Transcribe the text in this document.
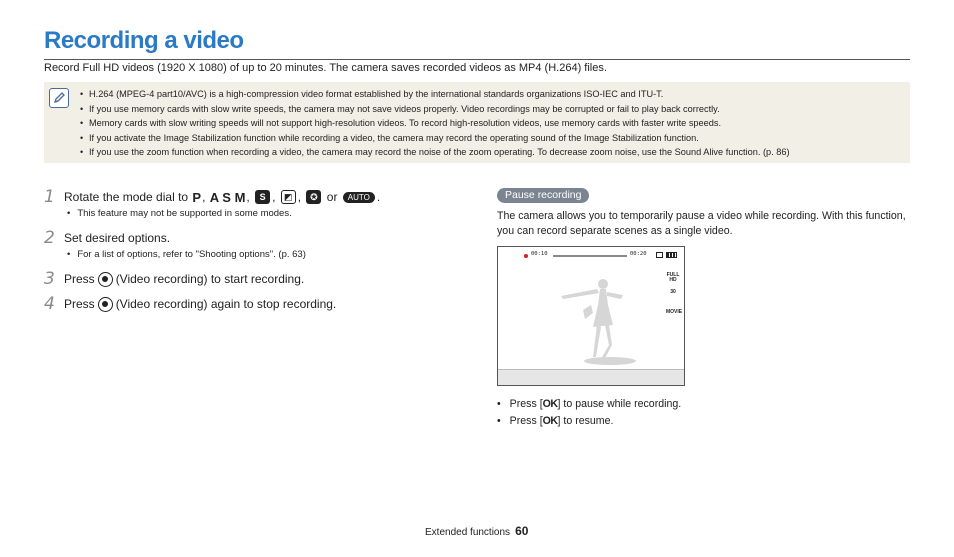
Recording a video

Record Full HD videos (1920 X 1080) of up to 20 minutes. The camera saves recorded videos as MP4 (H.264) files.

• H.264 (MPEG-4 part10/AVC) is a high-compression video format established by the international standards organizations ISO-IEC and ITU-T.
• If you use memory cards with slow write speeds, the camera may not save videos properly. Video recordings may be corrupted or fail to play back correctly.
• Memory cards with slow writing speeds will not support high-resolution videos. To record high-resolution videos, use memory cards with faster write speeds.
• If you activate the Image Stabilization function while recording a video, the camera may record the operating sound of the Image Stabilization function.
• If you use the zoom function when recording a video, the camera may record the noise of the zoom operating. To decrease zoom noise, use the Sound Alive function. (p. 86)
1 Rotate the mode dial to
P , A S M , S , ◩ , ✪
or
	AUTO .
• This feature may not be supported in some modes.
2 Set desired options.
• For a list of options, refer to "Shooting options". (p. 63)
3 Press (Video recording) to start recording.
4 Press (Video recording) again to stop recording.
Pause recording

The camera allows you to temporarily pause a video while recording. With this function, you can record separate scenes as a single video.

00:10	00:20
FULL HD
30
MOVIE
• Press [OK] to pause while recording.
• Press [OK] to resume.
Extended functions 60
